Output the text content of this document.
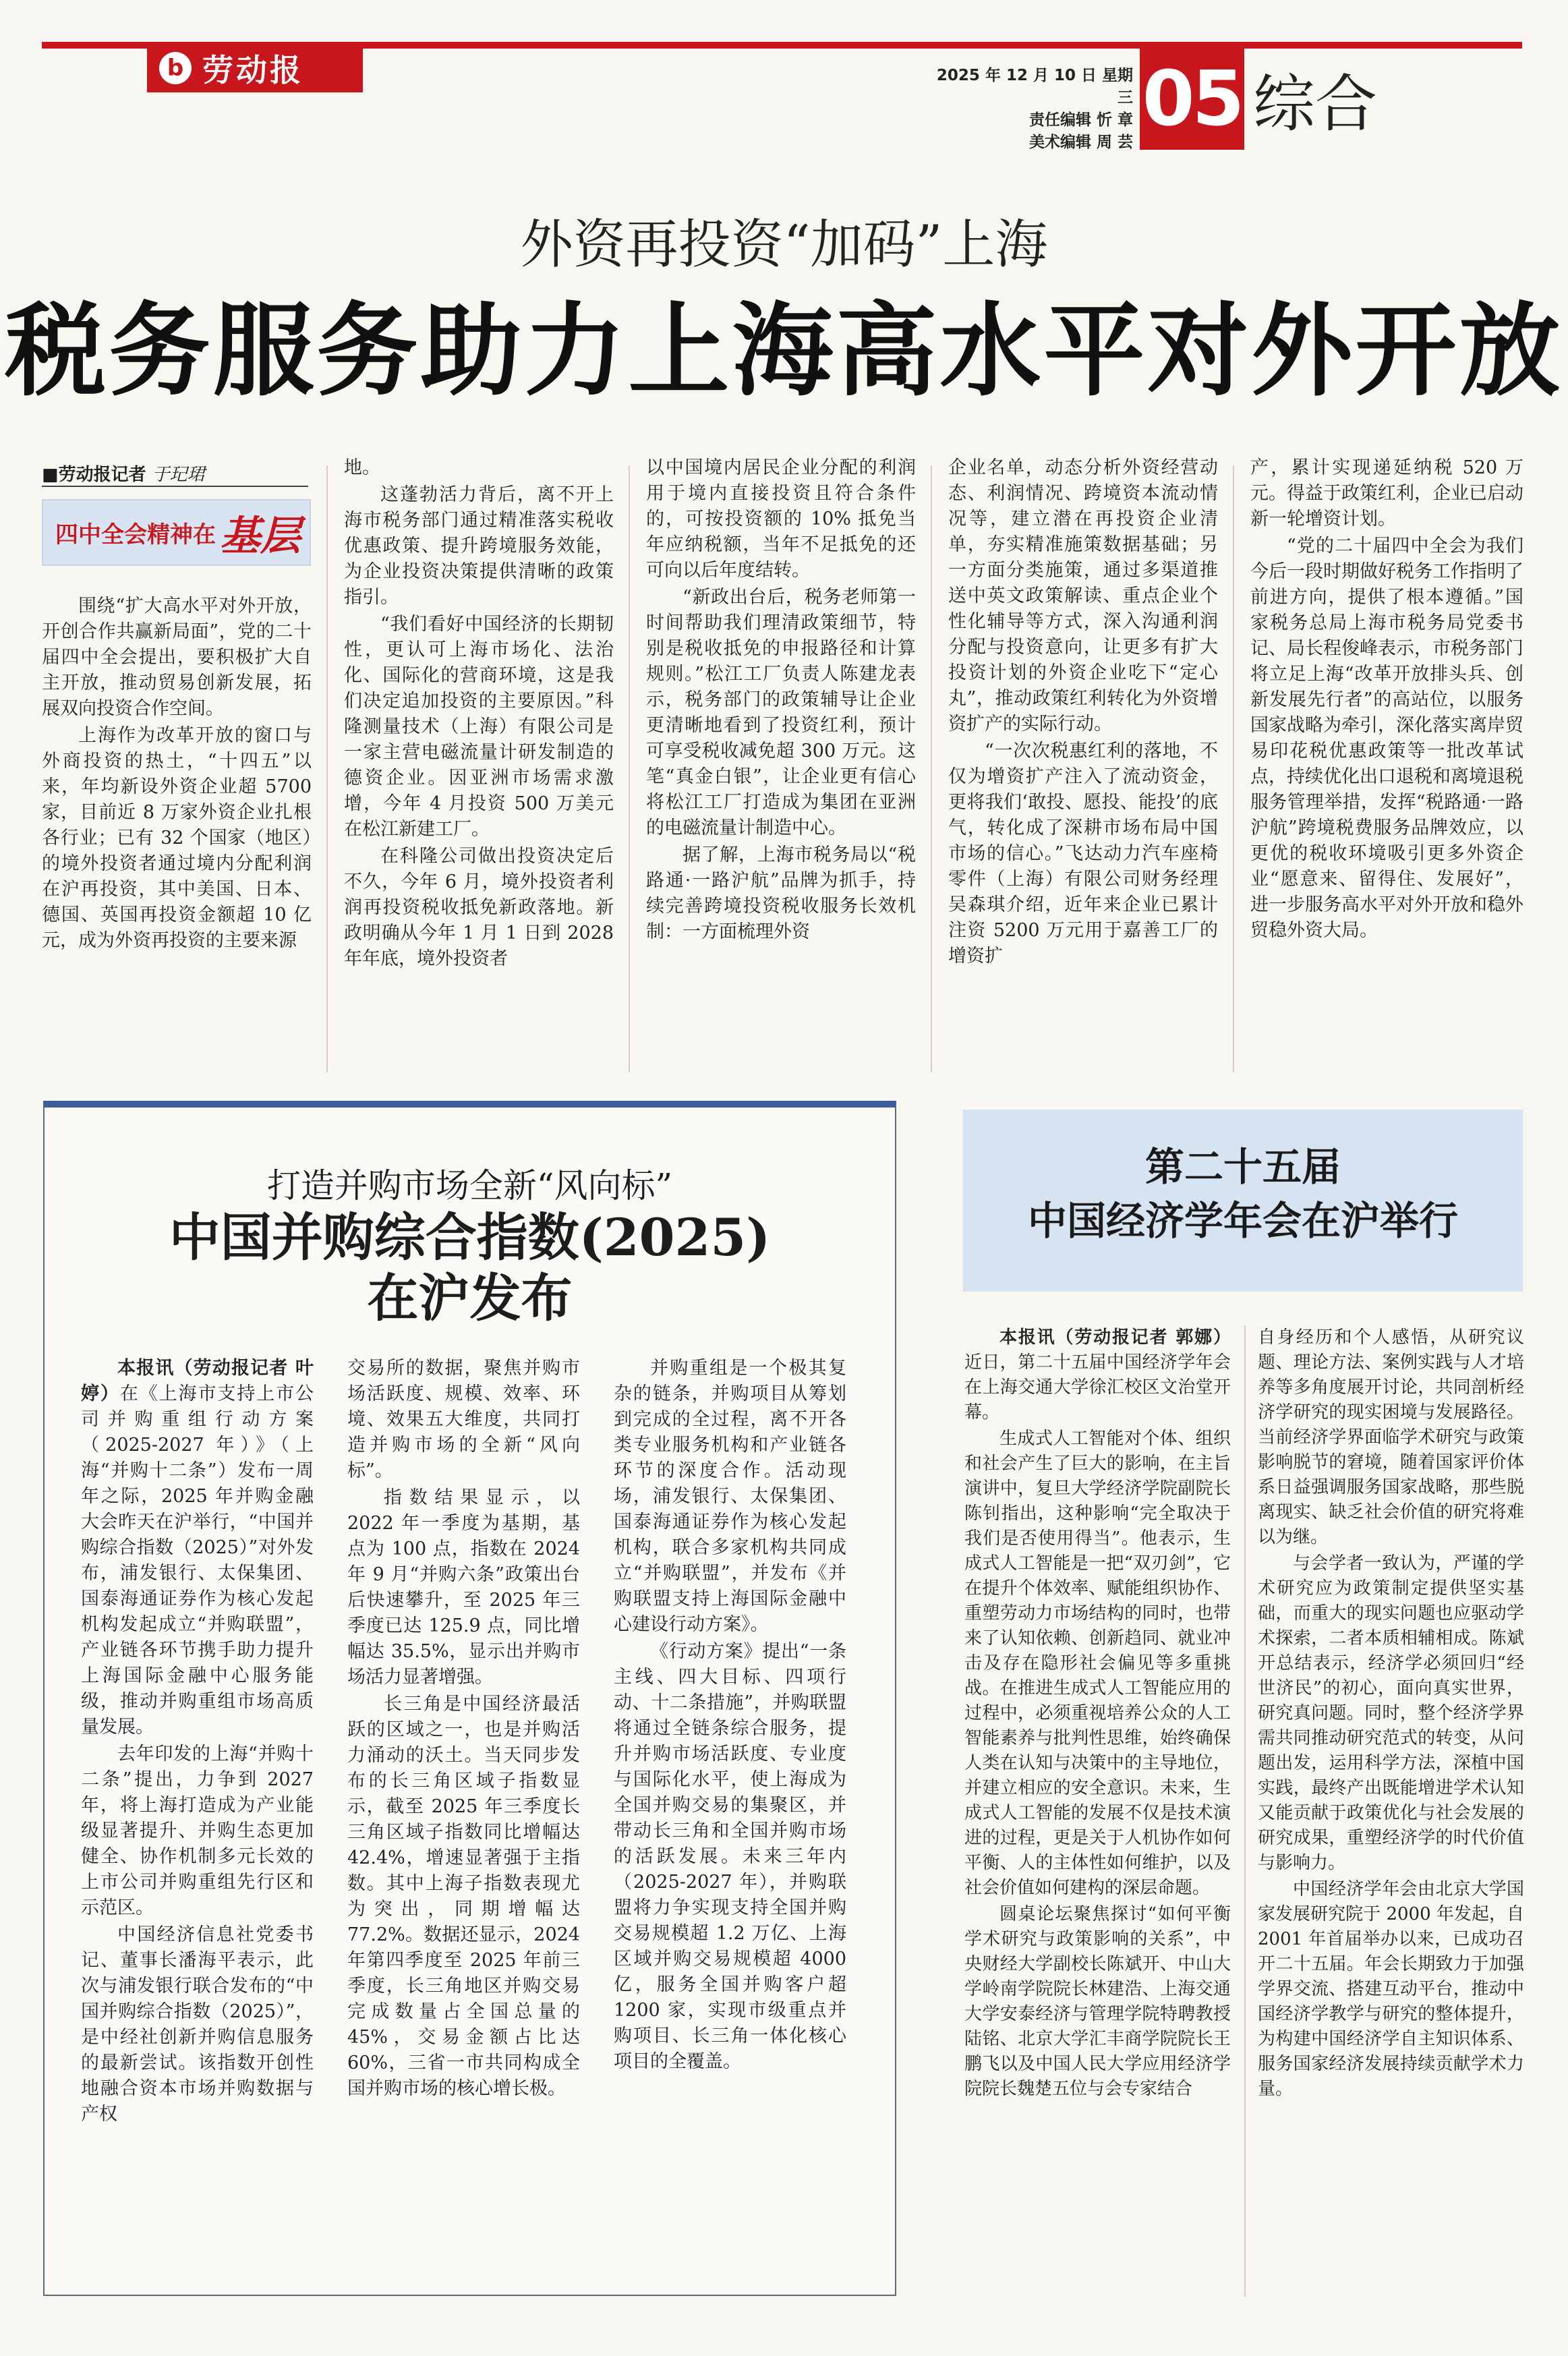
b 劳动报	2025 年 12 月 10 日 星期三
责任编辑 忻 章
美术编辑 周 芸 05 综合
外资再投资“加码”上海
税务服务助力上海高水平对外开放
■劳动报记者 于玘珺
四中全会精神在 基层

围绕“扩大高水平对外开放，开创合作共赢新局面”，党的二十届四中全会提出，要积极扩大自主开放，推动贸易创新发展，拓展双向投资合作空间。

上海作为改革开放的窗口与外商投资的热土，“十四五”以来，年均新设外资企业超 5700 家，目前近 8 万家外资企业扎根各行业；已有 32 个国家（地区）的境外投资者通过境内分配利润在沪再投资，其中美国、日本、德国、英国再投资金额超 10 亿元，成为外资再投资的主要来源

地。

这蓬勃活力背后，离不开上海市税务部门通过精准落实税收优惠政策、提升跨境服务效能，为企业投资决策提供清晰的政策指引。

“我们看好中国经济的长期韧性，更认可上海市场化、法治化、国际化的营商环境，这是我们决定追加投资的主要原因。”科隆测量技术（上海）有限公司是一家主营电磁流量计研发制造的德资企业。因亚洲市场需求激增，今年 4 月投资 500 万美元在松江新建工厂。

在科隆公司做出投资决定后不久，今年 6 月，境外投资者利润再投资税收抵免新政落地。新政明确从今年 1 月 1 日到 2028 年年底，境外投资者

以中国境内居民企业分配的利润用于境内直接投资且符合条件的，可按投资额的 10% 抵免当年应纳税额，当年不足抵免的还可向以后年度结转。

“新政出台后，税务老师第一时间帮助我们理清政策细节，特别是税收抵免的申报路径和计算规则。”松江工厂负责人陈建龙表示，税务部门的政策辅导让企业更清晰地看到了投资红利，预计可享受税收减免超 300 万元。这笔“真金白银”，让企业更有信心将松江工厂打造成为集团在亚洲的电磁流量计制造中心。

据了解，上海市税务局以“税路通·一路沪航”品牌为抓手，持续完善跨境投资税收服务长效机制：一方面梳理外资

企业名单，动态分析外资经营动态、利润情况、跨境资本流动情况等，建立潜在再投资企业清单，夯实精准施策数据基础；另一方面分类施策，通过多渠道推送中英文政策解读、重点企业个性化辅导等方式，深入沟通利润分配与投资意向，让更多有扩大投资计划的外资企业吃下“定心丸”，推动政策红利转化为外资增资扩产的实际行动。

“一次次税惠红利的落地，不仅为增资扩产注入了流动资金，更将我们‘敢投、愿投、能投’的底气，转化成了深耕市场布局中国市场的信心。”飞达动力汽车座椅零件（上海）有限公司财务经理吴森琪介绍，近年来企业已累计注资 5200 万元用于嘉善工厂的增资扩

产，累计实现递延纳税 520 万元。得益于政策红利，企业已启动新一轮增资计划。

“党的二十届四中全会为我们今后一段时期做好税务工作指明了前进方向，提供了根本遵循。”国家税务总局上海市税务局党委书记、局长程俊峰表示，市税务部门将立足上海“改革开放排头兵、创新发展先行者”的高站位，以服务国家战略为牵引，深化落实离岸贸易印花税优惠政策等一批改革试点，持续优化出口退税和离境退税服务管理举措，发挥“税路通·一路沪航”跨境税费服务品牌效应，以更优的税收环境吸引更多外资企业“愿意来、留得住、发展好”，进一步服务高水平对外开放和稳外贸稳外资大局。

打造并购市场全新“风向标”
中国并购综合指数(2025)
在沪发布

本报讯（劳动报记者 叶婷）在《上海市支持上市公司并购重组行动方案（2025-2027 年）》（上海“并购十二条”）发布一周年之际，2025 年并购金融大会昨天在沪举行，“中国并购综合指数（2025）”对外发布，浦发银行、太保集团、国泰海通证券作为核心发起机构发起成立“并购联盟”，产业链各环节携手助力提升上海国际金融中心服务能级，推动并购重组市场高质量发展。

去年印发的上海“并购十二条”提出，力争到 2027 年，将上海打造成为产业能级显著提升、并购生态更加健全、协作机制多元长效的上市公司并购重组先行区和示范区。

中国经济信息社党委书记、董事长潘海平表示，此次与浦发银行联合发布的“中国并购综合指数（2025）”，是中经社创新并购信息服务的最新尝试。该指数开创性地融合资本市场并购数据与产权

交易所的数据，聚焦并购市场活跃度、规模、效率、环境、效果五大维度，共同打造并购市场的全新“风向标”。

指数结果显示，以 2022 年一季度为基期，基点为 100 点，指数在 2024 年 9 月“并购六条”政策出台后快速攀升，至 2025 年三季度已达 125.9 点，同比增幅达 35.5%，显示出并购市场活力显著增强。

长三角是中国经济最活跃的区域之一，也是并购活力涌动的沃土。当天同步发布的长三角区域子指数显示，截至 2025 年三季度长三角区域子指数同比增幅达 42.4%，增速显著强于主指数。其中上海子指数表现尤为突出，同期增幅达 77.2%。数据还显示，2024 年第四季度至 2025 年前三季度，长三角地区并购交易完成数量占全国总量的 45%，交易金额占比达 60%，三省一市共同构成全国并购市场的核心增长极。

并购重组是一个极其复杂的链条，并购项目从筹划到完成的全过程，离不开各类专业服务机构和产业链各环节的深度合作。活动现场，浦发银行、太保集团、国泰海通证券作为核心发起机构，联合多家机构共同成立“并购联盟”，并发布《并购联盟支持上海国际金融中心建设行动方案》。

《行动方案》提出“一条主线、四大目标、四项行动、十二条措施”，并购联盟将通过全链条综合服务，提升并购市场活跃度、专业度与国际化水平，使上海成为全国并购交易的集聚区，并带动长三角和全国并购市场的活跃发展。未来三年内（2025-2027 年），并购联盟将力争实现支持全国并购交易规模超 1.2 万亿、上海区域并购交易规模超 4000 亿，服务全国并购客户超 1200 家，实现市级重点并购项目、长三角一体化核心项目的全覆盖。

第二十五届
中国经济学年会在沪举行

本报讯（劳动报记者 郭娜）近日，第二十五届中国经济学年会在上海交通大学徐汇校区文治堂开幕。

生成式人工智能对个体、组织和社会产生了巨大的影响，在主旨演讲中，复旦大学经济学院副院长陈钊指出，这种影响“完全取决于我们是否使用得当”。他表示，生成式人工智能是一把“双刃剑”，它在提升个体效率、赋能组织协作、重塑劳动力市场结构的同时，也带来了认知依赖、创新趋同、就业冲击及存在隐形社会偏见等多重挑战。在推进生成式人工智能应用的过程中，必须重视培养公众的人工智能素养与批判性思维，始终确保人类在认知与决策中的主导地位，并建立相应的安全意识。未来，生成式人工智能的发展不仅是技术演进的过程，更是关于人机协作如何平衡、人的主体性如何维护，以及社会价值如何建构的深层命题。

圆桌论坛聚焦探讨“如何平衡学术研究与政策影响的关系”，中央财经大学副校长陈斌开、中山大学岭南学院院长林建浩、上海交通大学安泰经济与管理学院特聘教授陆铭、北京大学汇丰商学院院长王鹏飞以及中国人民大学应用经济学院院长魏楚五位与会专家结合

自身经历和个人感悟，从研究议题、理论方法、案例实践与人才培养等多角度展开讨论，共同剖析经济学研究的现实困境与发展路径。当前经济学界面临学术研究与政策影响脱节的窘境，随着国家评价体系日益强调服务国家战略，那些脱离现实、缺乏社会价值的研究将难以为继。

与会学者一致认为，严谨的学术研究应为政策制定提供坚实基础，而重大的现实问题也应驱动学术探索，二者本质相辅相成。陈斌开总结表示，经济学必须回归“经世济民”的初心，面向真实世界，研究真问题。同时，整个经济学界需共同推动研究范式的转变，从问题出发，运用科学方法，深植中国实践，最终产出既能增进学术认知又能贡献于政策优化与社会发展的研究成果，重塑经济学的时代价值与影响力。

中国经济学年会由北京大学国家发展研究院于 2000 年发起，自 2001 年首届举办以来，已成功召开二十五届。年会长期致力于加强学界交流、搭建互动平台，推动中国经济学教学与研究的整体提升，为构建中国经济学自主知识体系、服务国家经济发展持续贡献学术力量。
